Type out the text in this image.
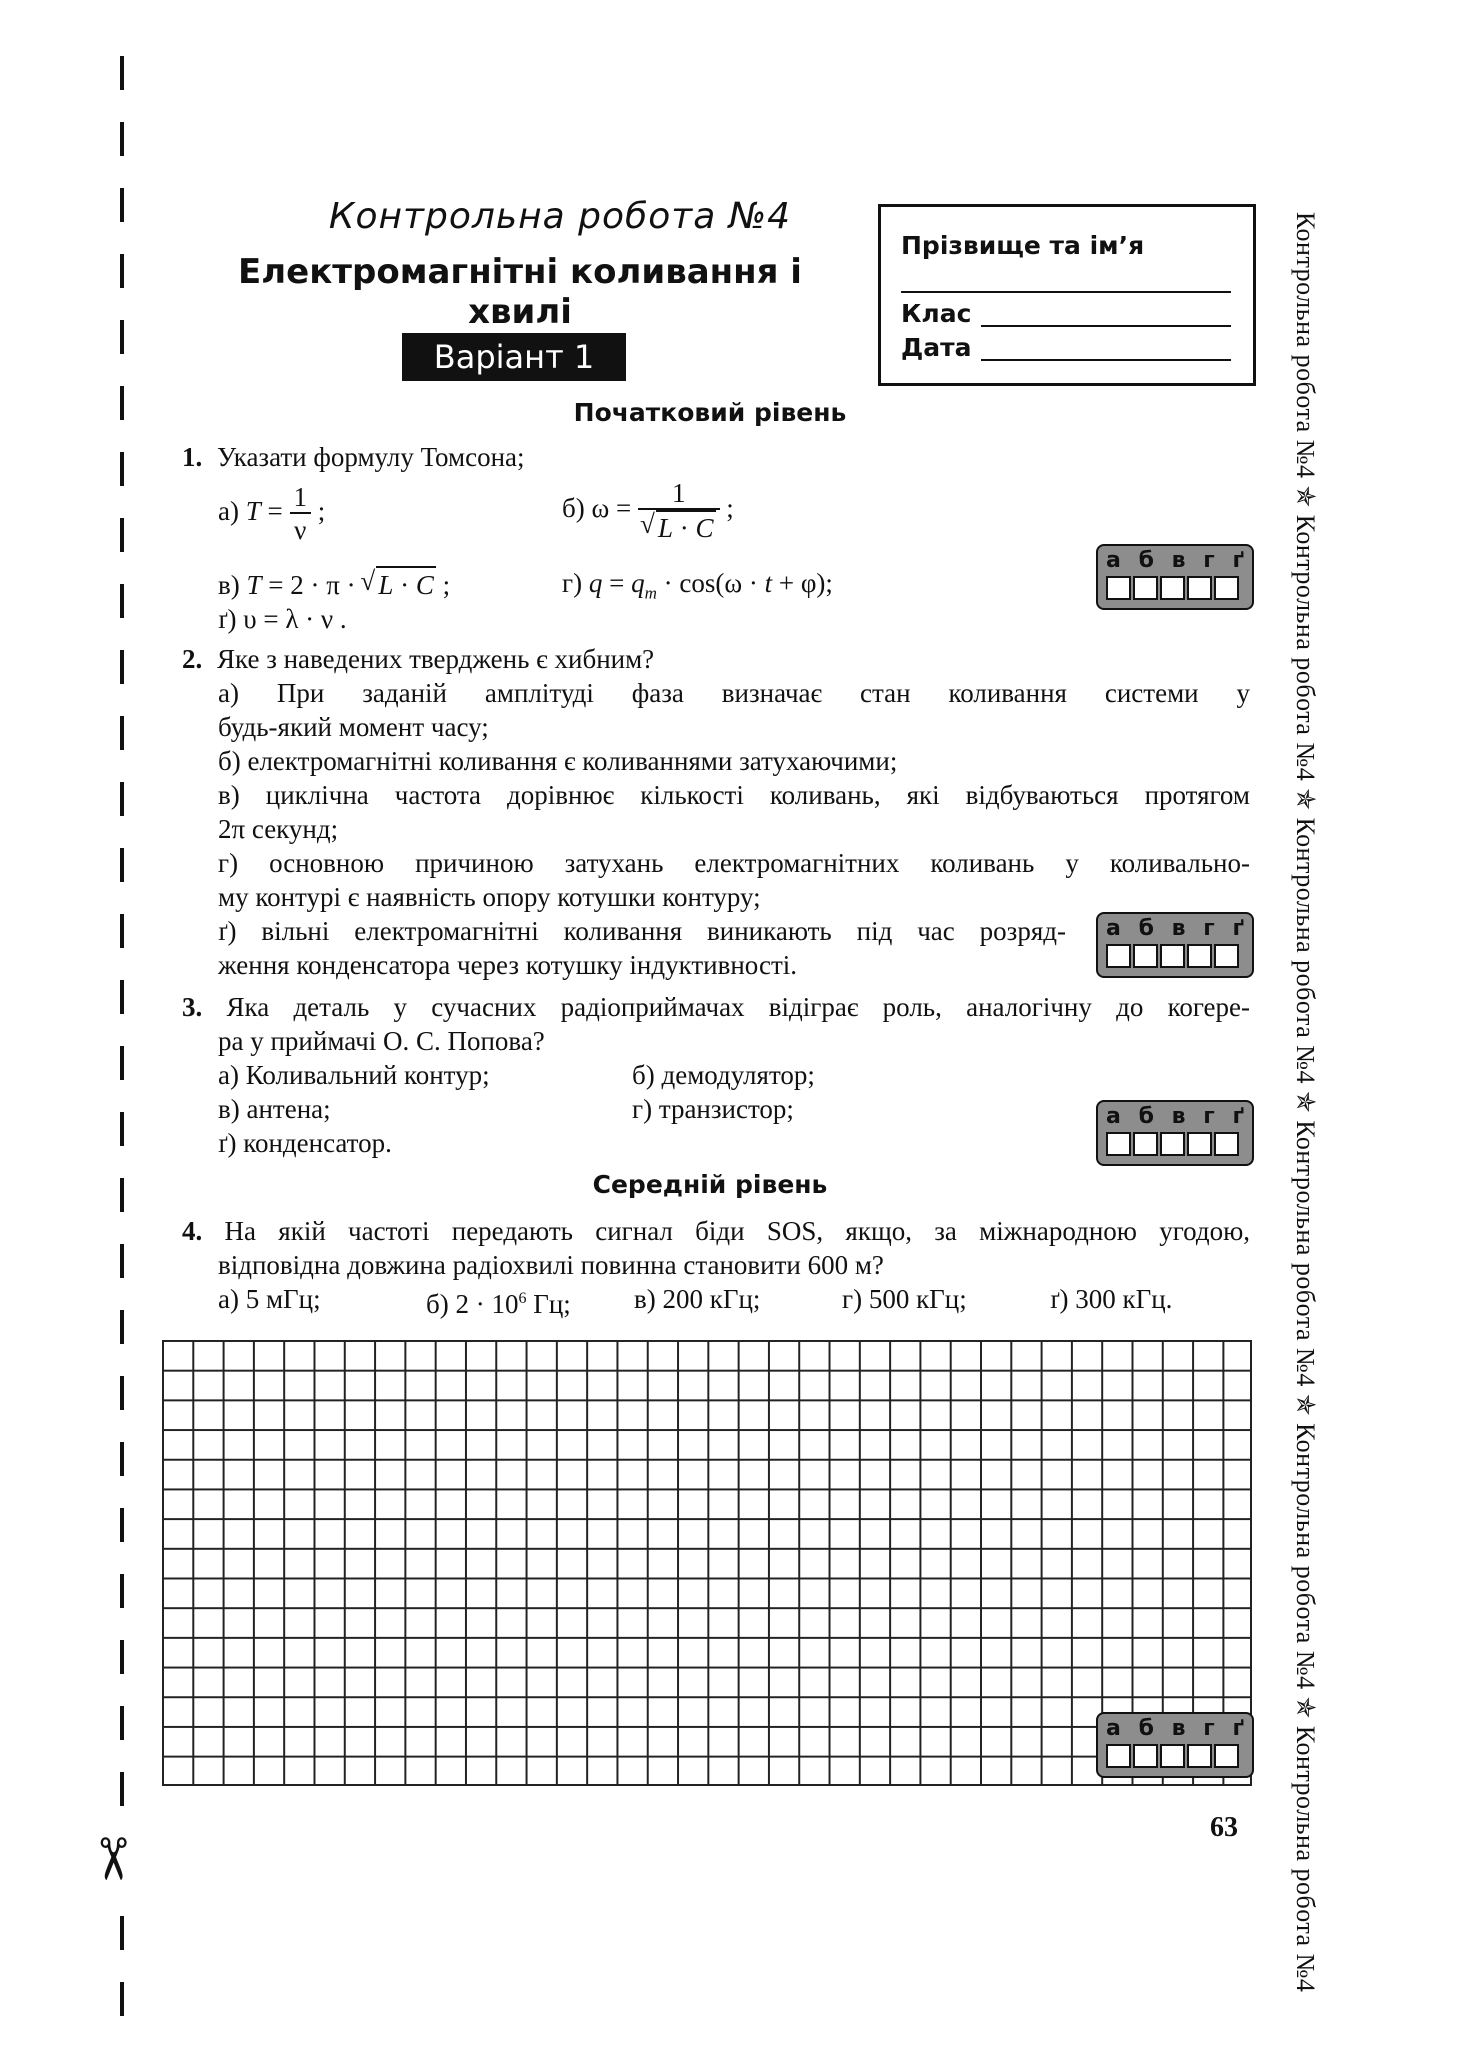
✂
Контрольна робота №4
Електромагнітні коливання і хвилі
Варіант 1
Прізвище та ім’я
Клас
Дата	Контрольна робота №4 ✯ Контрольна робота №4 ✯ Контрольна робота №4 ✯ Контрольна робота №4 ✯ Контрольна робота №4 ✯ Контрольна робота №4
Початковий рівень
1. Указати формулу Томсона;
а) $T = \frac{1}{\nu}$ ;	б) ω = 1
√ L · C ;
в) T = 2 · π · √ L · C ;	г) $q = q_m \cdot \cos(\omega \cdot t + \varphi)$;
ґ) υ = λ · ν .
а б в г ґ
2. Яке з наведених тверджень є хибним?
а) При заданій амплітуді фаза визначає стан коливання системи у
будь-який момент часу;
б) електромагнітні коливання є коливаннями затухаючими;
в) циклічна частота дорівнює кількості коливань, які відбуваються протягом
2π секунд;
г) основною причиною затухань електромагнітних коливань у коливально-
му контурі є наявність опору котушки контуру;
ґ) вільні електромагнітні коливання виникають під час розряд-
ження конденсатора через котушку індуктивності.
а б в г ґ
3. Яка деталь у сучасних радіоприймачах відіграє роль, аналогічну до когере-
ра у приймачі О. С. Попова?
а) Коливальний контур;	б) демодулятор;
в) антена;	г) транзистор;
ґ) конденсатор.
а б в г ґ
Середній рівень
4. На якій частоті передають сигнал біди SOS, якщо, за міжнародною угодою,
відповідна довжина радіохвилі повинна становити 600 м?
а) 5 мГц;	б) $2 \cdot 10^6$ Гц; в) 200 кГц;	г) 500 кГц;	ґ) 300 кГц.
а б в г ґ
63
